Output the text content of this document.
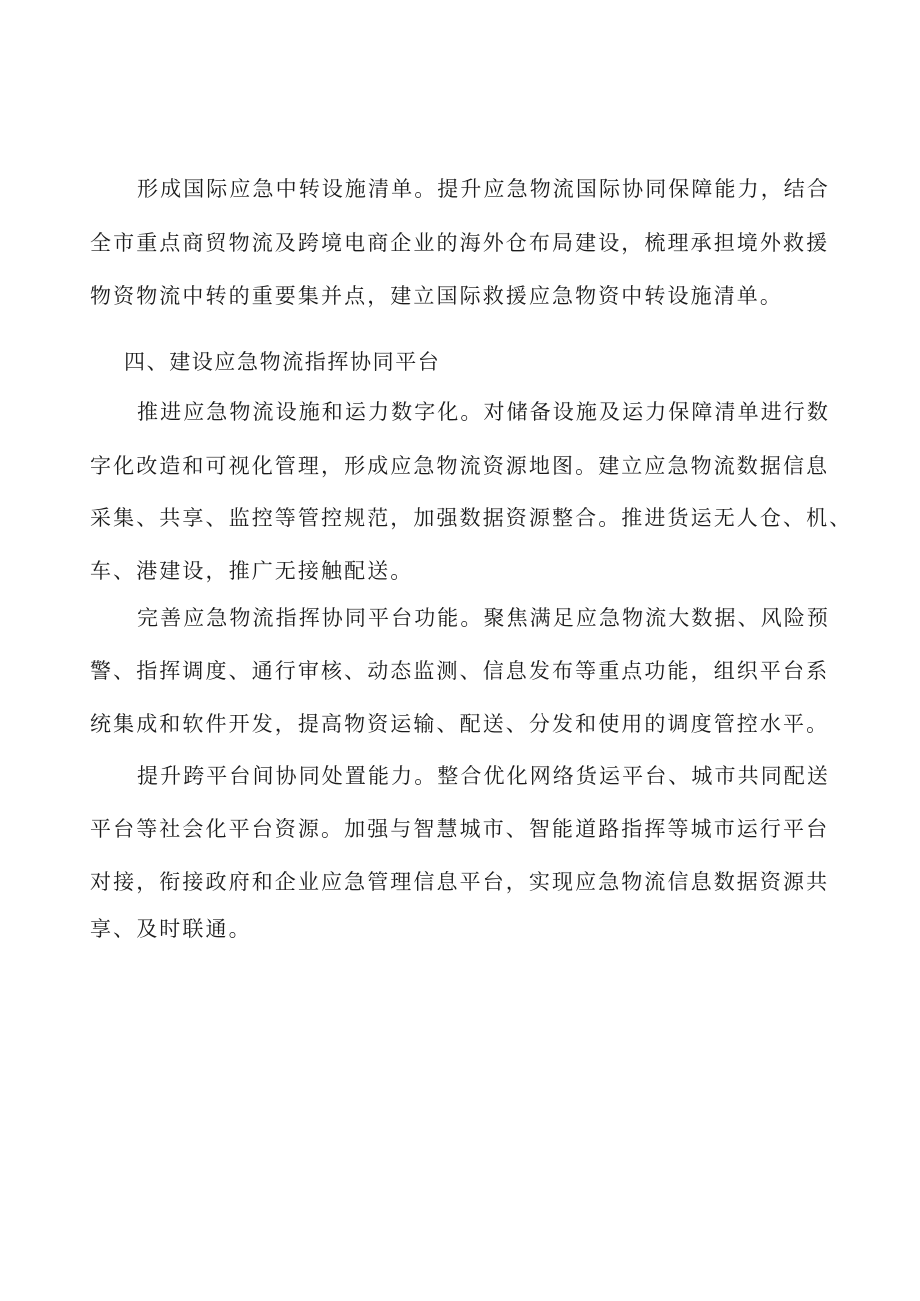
形成国际应急中转设施清单。提升应急物流国际协同保障能力，结合

全市重点商贸物流及跨境电商企业的海外仓布局建设，梳理承担境外救援

物资物流中转的重要集并点，建立国际救援应急物资中转设施清单。

四、建设应急物流指挥协同平台

推进应急物流设施和运力数字化。对储备设施及运力保障清单进行数

字化改造和可视化管理，形成应急物流资源地图。建立应急物流数据信息

采集、共享、监控等管控规范，加强数据资源整合。推进货运无人仓、机、

车、港建设，推广无接触配送。

完善应急物流指挥协同平台功能。聚焦满足应急物流大数据、风险预

警、指挥调度、通行审核、动态监测、信息发布等重点功能，组织平台系

统集成和软件开发，提高物资运输、配送、分发和使用的调度管控水平。

提升跨平台间协同处置能力。整合优化网络货运平台、城市共同配送

平台等社会化平台资源。加强与智慧城市、智能道路指挥等城市运行平台

对接，衔接政府和企业应急管理信息平台，实现应急物流信息数据资源共

享、及时联通。
